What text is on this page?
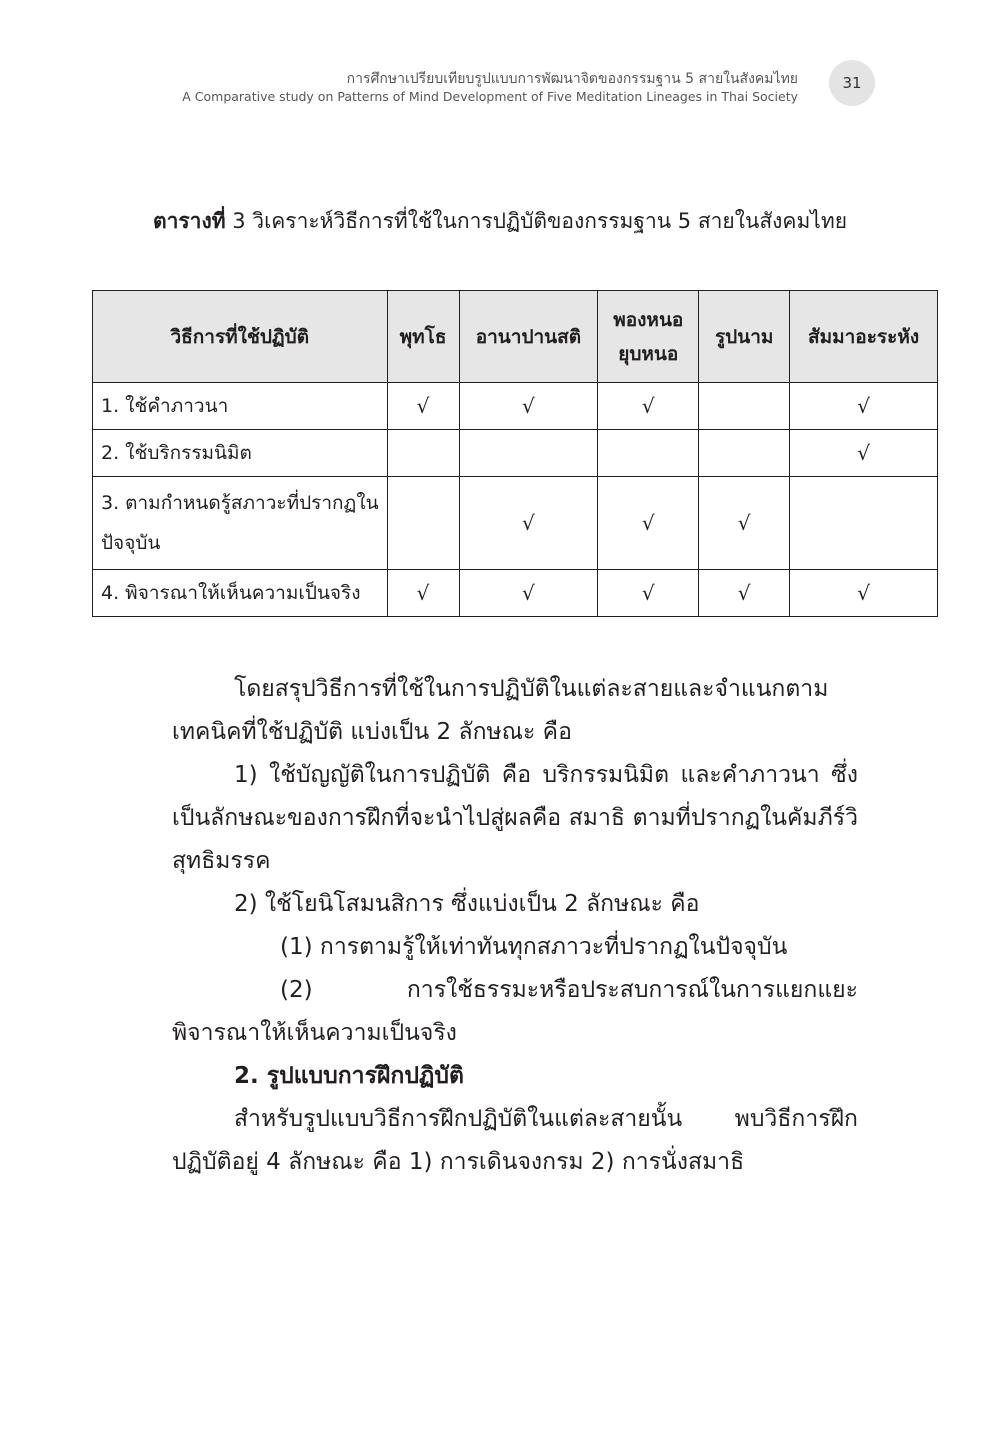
การศึกษาเปรียบเทียบรูปแบบการพัฒนาจิตของกรรมฐาน 5 สายในสังคมไทย
A Comparative study on Patterns of Mind Development of Five Meditation Lineages in Thai Society
31
ตารางที่ 3 วิเคราะห์วิธีการที่ใช้ในการปฏิบัติของกรรมฐาน 5 สายในสังคมไทย
วิธีการที่ใช้ปฏิบัติ	พุทโธ	อานาปานสติ	พองหนอ ยุบหนอ	รูปนาม	สัมมาอะระหัง
1. ใช้คำภาวนา	√	√	√		√
2. ใช้บริกรรมนิมิต					√
3. ตามกำหนดรู้สภาวะที่ปรากฏในปัจจุบัน		√	√	√	
4. พิจารณาให้เห็นความเป็นจริง	√	√	√	√	√

โดยสรุปวิธีการที่ใช้ในการปฏิบัติในแต่ละสายและจำแนกตามเทคนิคที่ใช้ปฏิบัติ แบ่งเป็น 2 ลักษณะ คือ

1) ใช้บัญญัติในการปฏิบัติ คือ บริกรรมนิมิต และคำภาวนา ซึ่งเป็นลักษณะของการฝึกที่จะนำไปสู่ผลคือ สมาธิ ตามที่ปรากฏในคัมภีร์วิสุทธิมรรค

2) ใช้โยนิโสมนสิการ ซึ่งแบ่งเป็น 2 ลักษณะ คือ

(1) การตามรู้ให้เท่าทันทุกสภาวะที่ปรากฏในปัจจุบัน

(2) การใช้ธรรมะหรือประสบการณ์ในการแยกแยะพิจารณาให้เห็นความเป็นจริง

2. รูปแบบการฝึกปฏิบัติ

สำหรับรูปแบบวิธีการฝึกปฏิบัติในแต่ละสายนั้น พบวิธีการฝึกปฏิบัติอยู่ 4 ลักษณะ คือ 1) การเดินจงกรม 2) การนั่งสมาธิ
